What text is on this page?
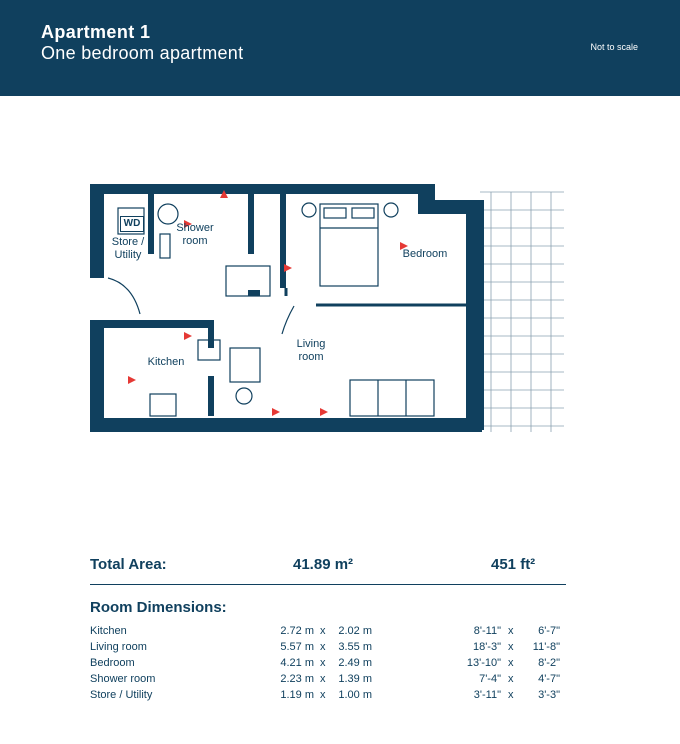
Apartment 1
One bedroom apartment	Not to scale
WD
Store /
Utility
Shower
room
Bedroom
Living
room
Kitchen
Total Area:	41.89 m²	451 ft²
Room Dimensions:
Kitchen	2.72 m x	2.02 m	8'-11" x	6'-7"
Living room	5.57 m x	3.55 m	18'-3" x	11'-8"
Bedroom	4.21 m x	2.49 m	13'-10" x	8'-2"
Shower room	2.23 m x	1.39 m	7'-4" x	4'-7"
Store / Utility	1.19 m x	1.00 m	3'-11" x	3'-3"
